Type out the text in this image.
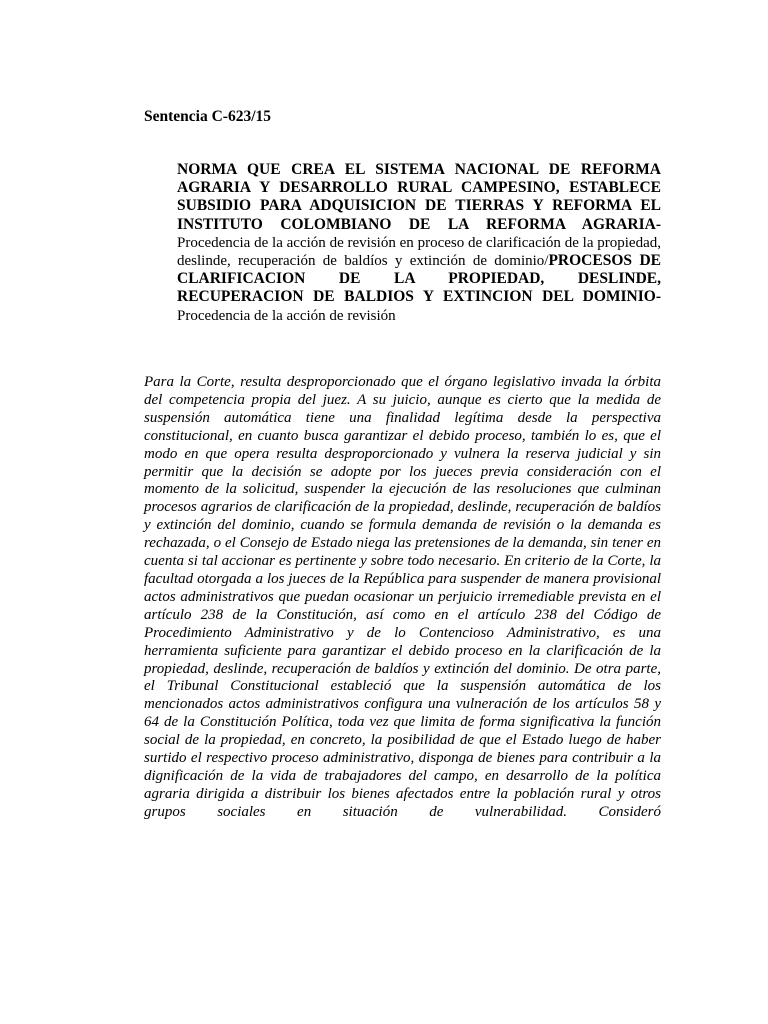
Sentencia C-623/15

NORMA QUE CREA EL SISTEMA NACIONAL DE REFORMA AGRARIA Y DESARROLLO RURAL CAMPESINO, ESTABLECE SUBSIDIO PARA ADQUISICION DE TIERRAS Y REFORMA EL INSTITUTO COLOMBIANO DE LA REFORMA AGRARIA-Procedencia de la acción de revisión en proceso de clarificación de la propiedad, deslinde, recuperación de baldíos y extinción de dominio/PROCESOS DE CLARIFICACION DE LA PROPIEDAD, DESLINDE, RECUPERACION DE BALDIOS Y EXTINCION DEL DOMINIO-Procedencia de la acción de revisión

Para la Corte, resulta desproporcionado que el órgano legislativo invada la órbita del competencia propia del juez. A su juicio, aunque es cierto que la medida de suspensión automática tiene una finalidad legítima desde la perspectiva constitucional, en cuanto busca garantizar el debido proceso, también lo es, que el modo en que opera resulta desproporcionado y vulnera la reserva judicial y sin permitir que la decisión se adopte por los jueces previa consideración con el momento de la solicitud, suspender la ejecución de las resoluciones que culminan procesos agrarios de clarificación de la propiedad, deslinde, recuperación de baldíos y extinción del dominio, cuando se formula demanda de revisión o la demanda es rechazada, o el Consejo de Estado niega las pretensiones de la demanda, sin tener en cuenta si tal accionar es pertinente y sobre todo necesario. En criterio de la Corte, la facultad otorgada a los jueces de la República para suspender de manera provisional actos administrativos que puedan ocasionar un perjuicio irremediable prevista en el artículo 238 de la Constitución, así como en el artículo 238 del Código de Procedimiento Administrativo y de lo Contencioso Administrativo, es una herramienta suficiente para garantizar el debido proceso en la clarificación de la propiedad, deslinde, recuperación de baldíos y extinción del dominio. De otra parte, el Tribunal Constitucional estableció que la suspensión automática de los mencionados actos administrativos configura una vulneración de los artículos 58 y 64 de la Constitución Política, toda vez que limita de forma significativa la función social de la propiedad, en concreto, la posibilidad de que el Estado luego de haber surtido el respectivo proceso administrativo, disponga de bienes para contribuir a la dignificación de la vida de trabajadores del campo, en desarrollo de la política agraria dirigida a distribuir los bienes afectados entre la población rural y otros grupos sociales en situación de vulnerabilidad. Consideró
